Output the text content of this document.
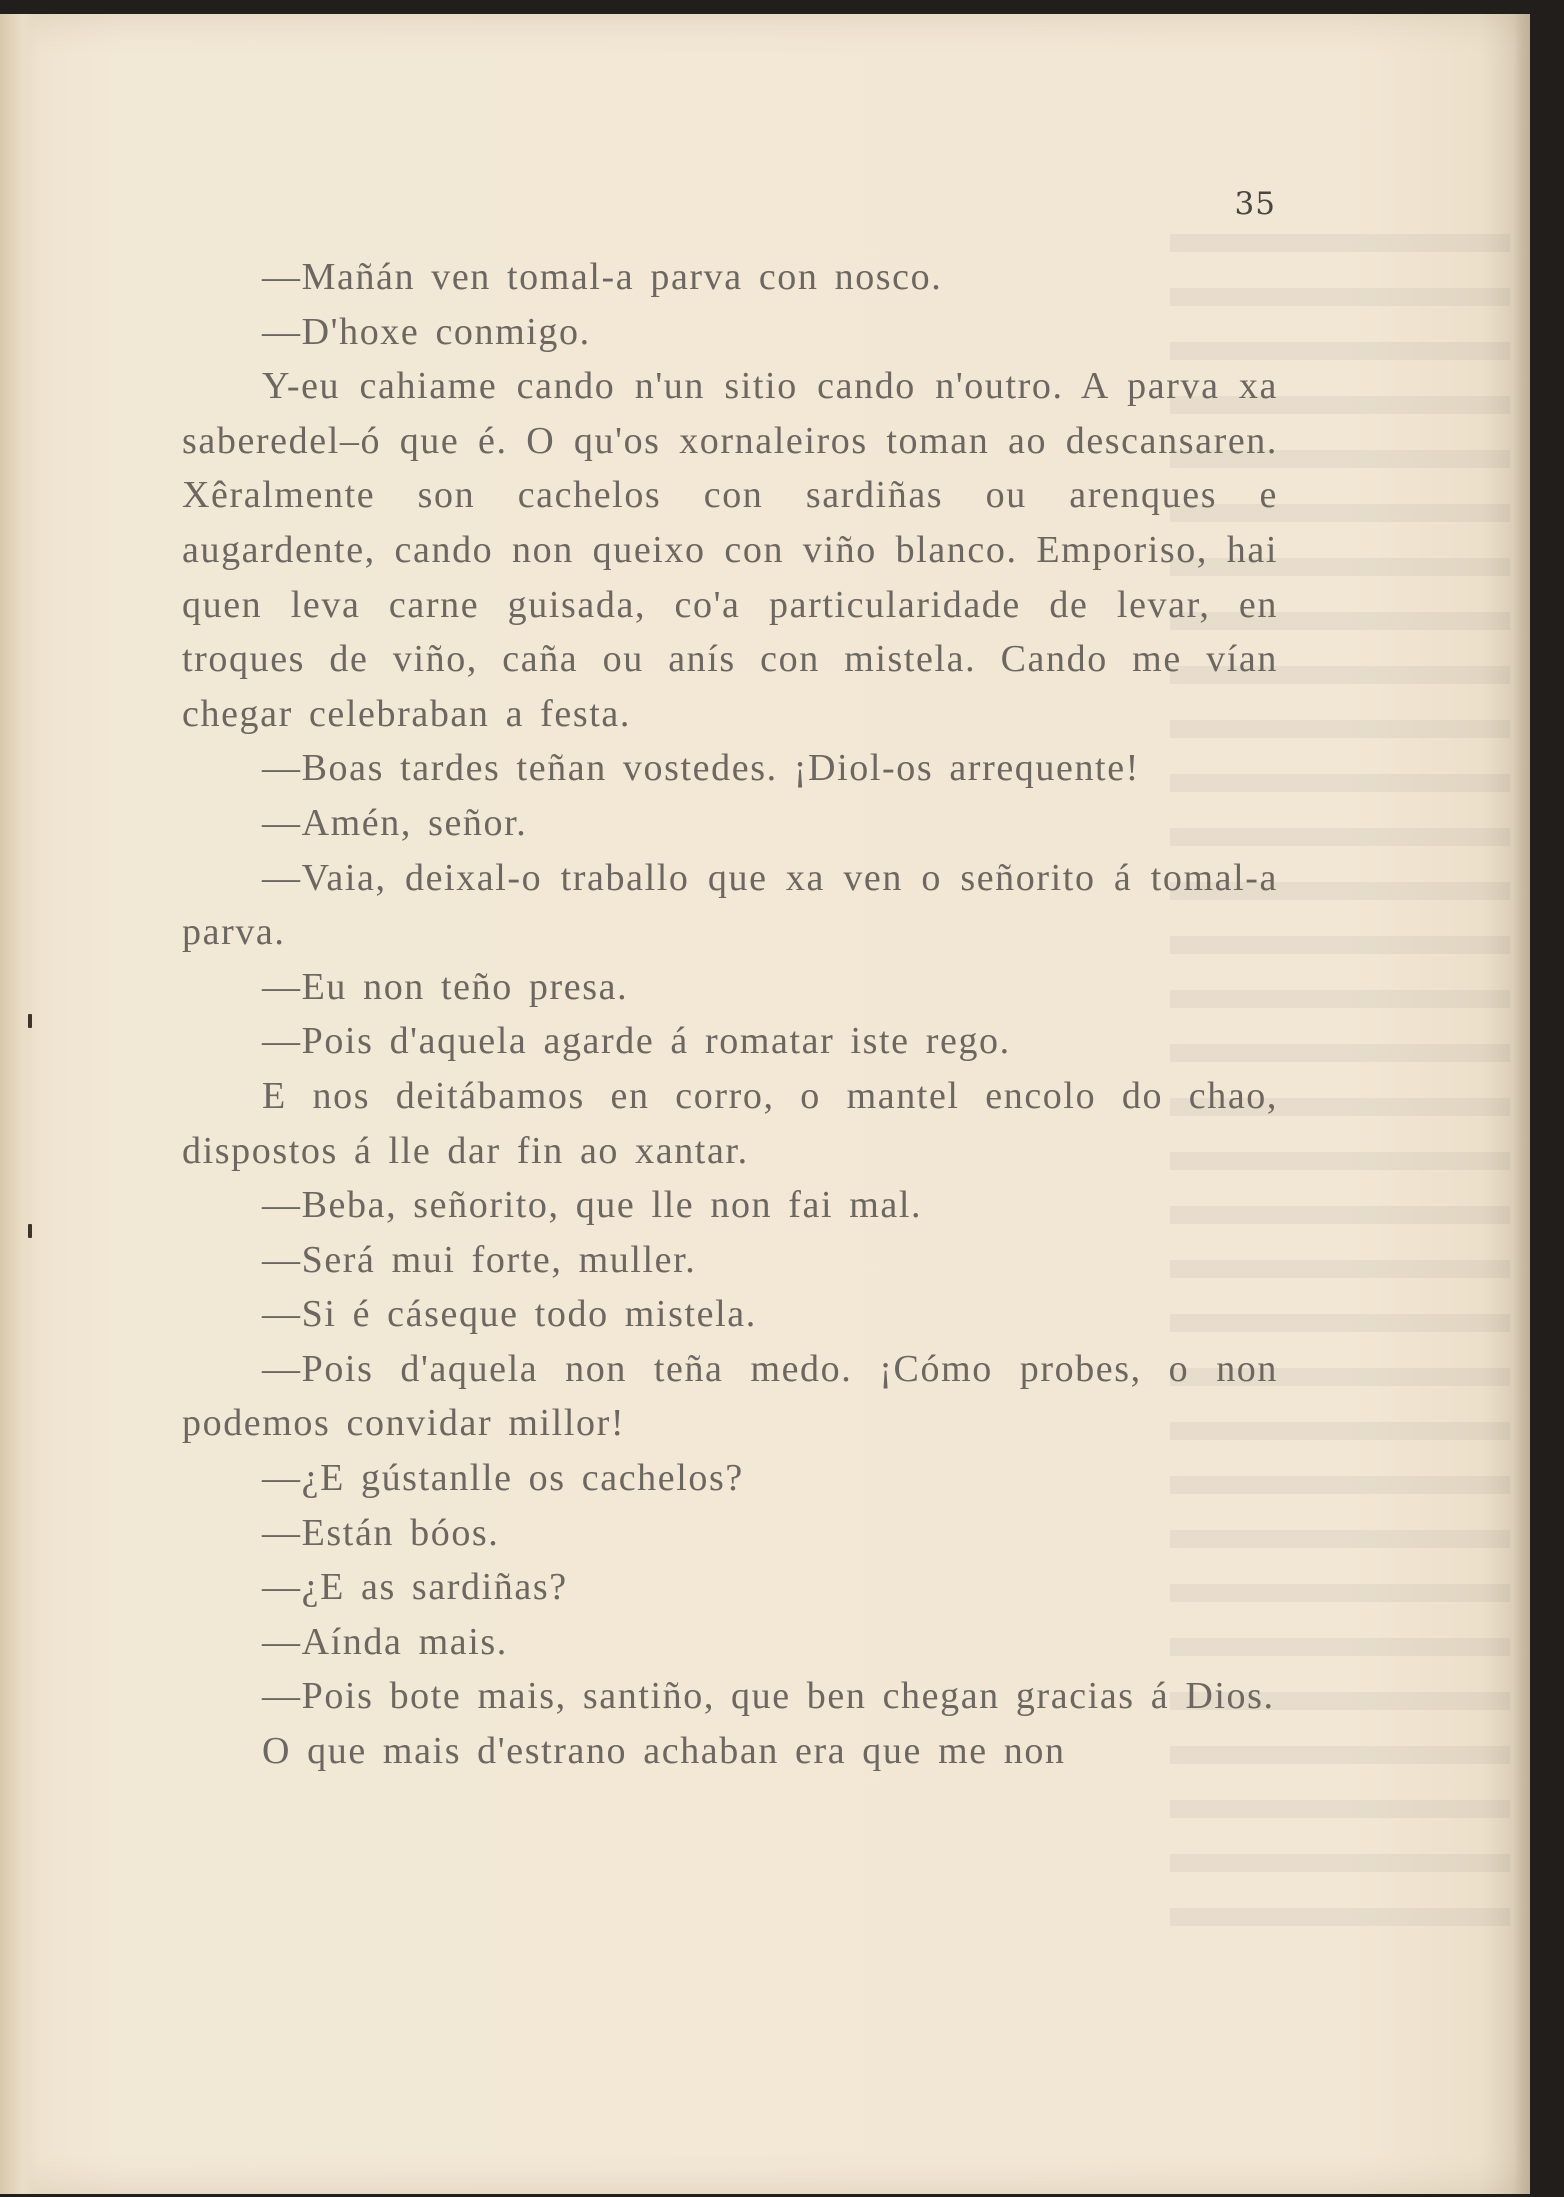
35

—Mañán ven tomal-a parva con nosco.

—D'hoxe conmigo.

Y-eu cahiame cando n'un sitio cando n'outro. A parva xa saberedel–ó que é. O qu'os xornaleiros toman ao descansaren. Xêralmente son cachelos con sardiñas ou arenques e augardente, cando non queixo con viño blanco. Emporiso, hai quen leva carne guisada, co'a particularidade de levar, en troques de viño, caña ou anís con mistela. Cando me vían chegar celebraban a festa.

—Boas tardes teñan vostedes. ¡Diol-os arrequente!

—Amén, señor.

—Vaia, deixal-o traballo que xa ven o señorito á tomal-a parva.

—Eu non teño presa.

—Pois d'aquela agarde á romatar iste rego.

E nos deitábamos en corro, o mantel encolo do chao, dispostos á lle dar fin ao xantar.

—Beba, señorito, que lle non fai mal.

—Será mui forte, muller.

—Si é cáseque todo mistela.

—Pois d'aquela non teña medo. ¡Cómo probes, o non podemos convidar millor!

—¿E gústanlle os cachelos?

—Están bóos.

—¿E as sardiñas?

—Aínda mais.

—Pois bote mais, santiño, que ben chegan gracias á Dios.

O que mais d'estrano achaban era que me non
